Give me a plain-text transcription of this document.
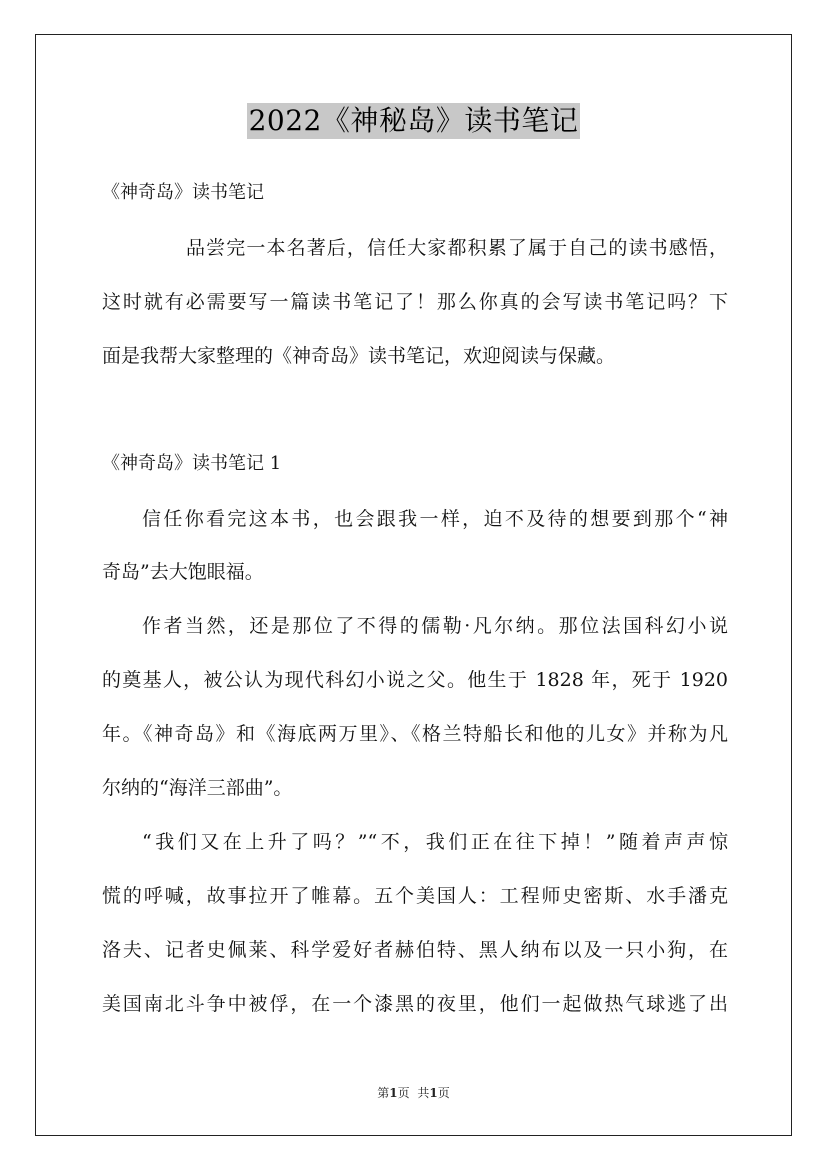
2022《神秘岛》读书笔记
《神奇岛》读书笔记
品尝完一本名著后，信任大家都积累了属于自己的读书感悟，
这时就有必需要写一篇读书笔记了！那么你真的会写读书笔记吗？下
面是我帮大家整理的《神奇岛》读书笔记，欢迎阅读与保藏。
《神奇岛》读书笔记 1
信任你看完这本书，也会跟我一样，迫不及待的想要到那个“神
奇岛”去大饱眼福。
作者当然，还是那位了不得的儒勒·凡尔纳。那位法国科幻小说
的奠基人，被公认为现代科幻小说之父。他生于 1828 年，死于 1920
年。《神奇岛》和《海底两万里》、《格兰特船长和他的儿女》并称为凡
尔纳的“海洋三部曲”。
“我们又在上升了吗？”“不，我们正在往下掉！”随着声声惊
慌的呼喊，故事拉开了帷幕。五个美国人：工程师史密斯、水手潘克
洛夫、记者史佩莱、科学爱好者赫伯特、黑人纳布以及一只小狗，在
美国南北斗争中被俘，在一个漆黑的夜里，他们一起做热气球逃了出
第1页 共1页
